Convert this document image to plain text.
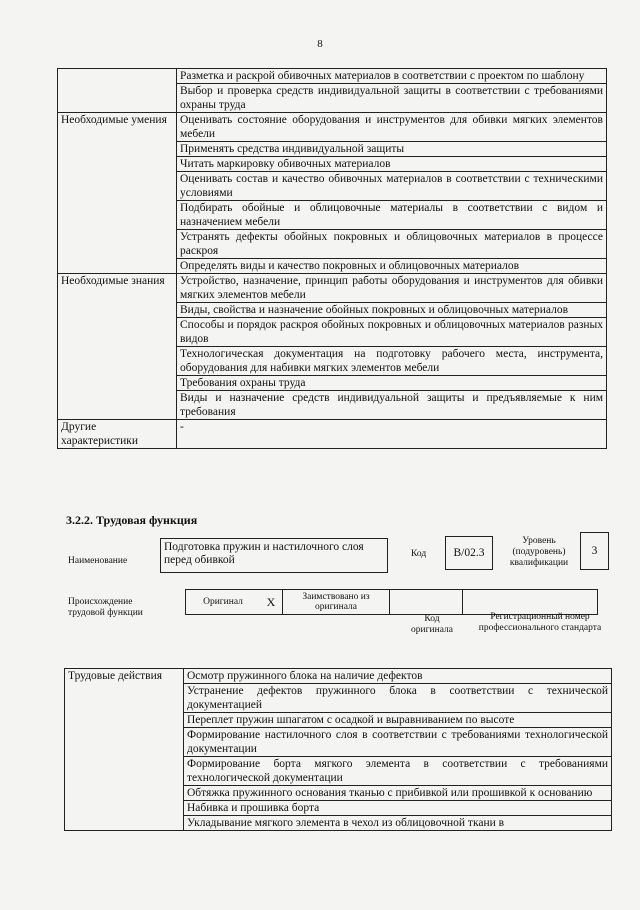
8
	Разметка и раскрой обивочных материалов в соответствии с проектом по шаблону
	Выбор и проверка средств индивидуальной защиты в соответствии с требованиями охраны труда
Необходимые умения	Оценивать состояние оборудования и инструментов для обивки мягких элементов мебели
	Применять средства индивидуальной защиты
	Читать маркировку обивочных материалов
	Оценивать состав и качество обивочных материалов в соответствии с техническими условиями
	Подбирать обойные и облицовочные материалы в соответствии с видом и назначением мебели
	Устранять дефекты обойных покровных и облицовочных материалов в процессе раскроя
	Определять виды и качество покровных и облицовочных материалов
Необходимые знания	Устройство, назначение, принцип работы оборудования и инструментов для обивки мягких элементов мебели
	Виды, свойства и назначение обойных покровных и облицовочных материалов
	Способы и порядок раскроя обойных покровных и облицовочных материалов разных видов
	Технологическая документация на подготовку рабочего места, инструмента, оборудования для набивки мягких элементов мебели
	Требования охраны труда
	Виды и назначение средств индивидуальной защиты и предъявляемые к ним требования
Другие характеристики	-
3.2.2. Трудовая функция
Наименование
Подготовка пружин и настилочного слоя перед обивкой	Код B/02.3
Уровень (подуровень) квалификации
3
Происхождение трудовой функции
Оригинал	X	Заимствовано из оригинала		
Код оригинала
Регистрационный номер профессионального стандарта
Трудовые действия	Осмотр пружинного блока на наличие дефектов
Устранение дефектов пружинного блока в соответствии с технической документацией
Переплет пружин шпагатом с осадкой и выравниванием по высоте
Формирование настилочного слоя в соответствии с требованиями технологической документации
Формирование борта мягкого элемента в соответствии с требованиями технологической документации
Обтяжка пружинного основания тканью с прибивкой или прошивкой к основанию
Набивка и прошивка борта
Укладывание мягкого элемента в чехол из облицовочной ткани в
